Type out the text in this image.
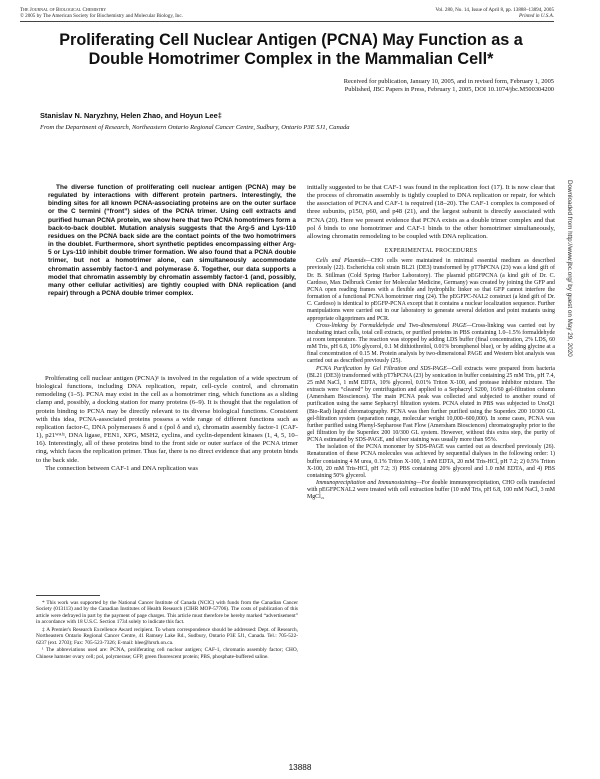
The Journal of Biological Chemistry
© 2005 by The American Society for Biochemistry and Molecular Biology, Inc.
Vol. 280, No. 14, Issue of April 8, pp. 13888–13894, 2005
Printed in U.S.A.
Proliferating Cell Nuclear Antigen (PCNA) May Function as a Double Homotrimer Complex in the Mammalian Cell*
Received for publication, January 10, 2005, and in revised form, February 1, 2005
Published, JBC Papers in Press, February 1, 2005, DOI 10.1074/jbc.M500304200
Stanislav N. Naryzhny, Helen Zhao, and Hoyun Lee‡
From the Department of Research, Northeastern Ontario Regional Cancer Centre, Sudbury, Ontario P3E 5J1, Canada
The diverse function of proliferating cell nuclear antigen (PCNA) may be regulated by interactions with different protein partners. Interestingly, the binding sites for all known PCNA-associating proteins are on the outer surface or the C termini (“front”) sides of the PCNA trimer. Using cell extracts and purified human PCNA protein, we show here that two PCNA homotrimers form a back-to-back doublet. Mutation analysis suggests that the Arg-5 and Lys-110 residues on the PCNA back side are the contact points of the two homotrimers in the doublet. Furthermore, short synthetic peptides encompassing either Arg-5 or Lys-110 inhibit double trimer formation. We also found that a PCNA double trimer, but not a homotrimer alone, can simultaneously accommodate chromatin assembly factor-1 and polymerase δ. Together, our data supports a model that chromatin assembly by chromatin assembly factor-1 (and, possibly, many other cellular activities) are tightly coupled with DNA replication (and repair) through a PCNA double trimer complex.

Proliferating cell nuclear antigen (PCNA)¹ is involved in the regulation of a wide spectrum of biological functions, including DNA replication, repair, cell-cycle control, and chromatin remodeling (1–5). PCNA may exist in the cell as a homotrimer ring, which functions as a sliding clamp and, possibly, a docking station for many proteins (6–9). It is thought that the regulation of protein binding to PCNA may be directly relevant to its diverse biological functions. Consistent with this idea, PCNA-associated proteins possess a wide range of different functions such as replication factor-C, DNA polymerases δ and ε (pol δ and ε), chromatin assembly factor-1 (CAF-1), p21ᵂᴬᶠ¹, DNA ligase, FEN1, XPG, MSH2, cyclins, and cyclin-dependent kinases (1, 4, 5, 10–16). Interestingly, all of these proteins bind to the front side or outer surface of the PCNA trimer ring, which faces the replication primer. Thus far, there is no direct evidence that any protein binds to the back side.

The connection between CAF-1 and DNA replication was

* This work was supported by the National Cancer Institute of Canada (NCIC) with funds from the Canadian Cancer Society (013113) and by the Canadian Institutes of Health Research (CIHR MOP-57706). The costs of publication of this article were defrayed in part by the payment of page charges. This article must therefore be hereby marked “advertisement” in accordance with 18 U.S.C. Section 1734 solely to indicate this fact.

‡ A Premier's Research Excellence Award recipient. To whom correspondence should be addressed: Dept. of Research, Northeastern Ontario Regional Cancer Centre, 41 Ramsey Lake Rd., Sudbury, Ontario P3E 5J1, Canada. Tel.: 705-522-6237 (ext. 2703); Fax: 705-523-7326; E-mail: hlee@hrsrh.on.ca.

¹ The abbreviations used are: PCNA, proliferating cell nuclear antigen; CAF-1, chromatin assembly factor; CHO, Chinese hamster ovary cell; pol, polymerase; GFP, green fluorescent protein; PBS, phosphate-buffered saline.

initially suggested to be that CAF-1 was found in the replication foci (17). It is now clear that the process of chromatin assembly is tightly coupled to DNA replication or repair, for which the association of PCNA and CAF-1 is required (18–20). The CAF-1 complex is composed of three subunits, p150, p60, and p48 (21), and the largest subunit is directly associated with PCNA (20). Here we present evidence that PCNA exists as a double trimer complex and that pol δ binds to one homotrimer and CAF-1 binds to the other homotrimer simultaneously, allowing chromatin remodeling to be coupled with DNA replication.

EXPERIMENTAL PROCEDURES

Cells and Plasmids—CHO cells were maintained in minimal essential medium as described previously (22). Escherichia coli strain BL21 (DE3) transformed by pT7hPCNA (23) was a kind gift of Dr. B. Stillman (Cold Spring Harbor Laboratory). The plasmid pEGFPCNA (a kind gift of Dr. C. Cardoso, Max Delbruck Center for Molecular Medicine, Germany) was created by joining the GFP and PCNA open reading frames with a flexible and hydrophilic linker so that GFP cannot interfere the formation of a functional PCNA homotrimer ring (24). The pEGFPC-NAL2 construct (a kind gift of Dr. C. Cardoso) is identical to pEGFP-PCNA except that it contains a nuclear localization sequence. Further manipulations were carried out in our laboratory to generate several deletion and point mutants using appropriate oligoprimers and PCR.

Cross-linking by Formaldehyde and Two-dimensional PAGE—Cross-linking was carried out by incubating intact cells, total cell extracts, or purified proteins in PBS containing 1.0–1.5% formaldehyde at room temperature. The reaction was stopped by adding LDS buffer (final concentration, 2% LDS, 60 mM Tris, pH 6.8, 10% glycerol, 0.1 M dithiothreitol, 0.01% bromphenol blue), or by adding glycine at a final concentration of 0.15 M. Protein analysis by two-dimensional PAGE and Western blot analysis was carried out as described previously (25).

PCNA Purification by Gel Filtration and SDS-PAGE—Cell extracts were prepared from bacteria (BL21 (DE3)) transformed with pT7hPCNA (23) by sonication in buffer containing 25 mM Tris, pH 7.4, 25 mM NaCl, 1 mM EDTA, 10% glycerol, 0.01% Triton X-100, and protease inhibitor mixture. The extracts were “cleared” by centrifugation and applied to a Sephacryl S200, 16/60 gel-filtration column (Amersham Biosciences). The main PCNA peak was collected and subjected to another round of purification using the same Sephacryl filtration system. PCNA eluted in PBS was subjected to UnoQ1 (Bio-Rad) liquid chromatography. PCNA was then further purified using the Superdex 200 10/300 GL gel-filtration system (separation range, molecular weight 10,000–600,000). In some cases, PCNA was further purified using Phenyl-Sepharose Fast Flow (Amersham Biosciences) chromatography prior to the gel filtration by the Superdex 200 10/300 GL system. However, without this extra step, the purity of PCNA estimated by SDS-PAGE, and silver staining was usually more than 95%.

The isolation of the PCNA monomer by SDS-PAGE was carried out as described previously (26). Renaturation of these PCNA molecules was achieved by sequential dialyses in the following order: 1) buffer containing 4 M urea, 0.1% Triton X-100, 1 mM EDTA, 20 mM Tris-HCl, pH 7.2; 2) 0.5% Triton X-100, 20 mM Tris-HCl, pH 7.2; 3) PBS containing 20% glycerol and 1.0 mM EDTA, and 4) PBS containing 50% glycerol.

Immunoprecipitation and Immunostaining—For double immunoprecipitation, CHO cells transfected with pEGFPCNAL2 were treated with cell extraction buffer (10 mM Tris, pH 6.8, 100 mM NaCl, 3 mM MgCl₂,

13888
Downloaded from http://www.jbc.org/ by guest on May 29, 2020
